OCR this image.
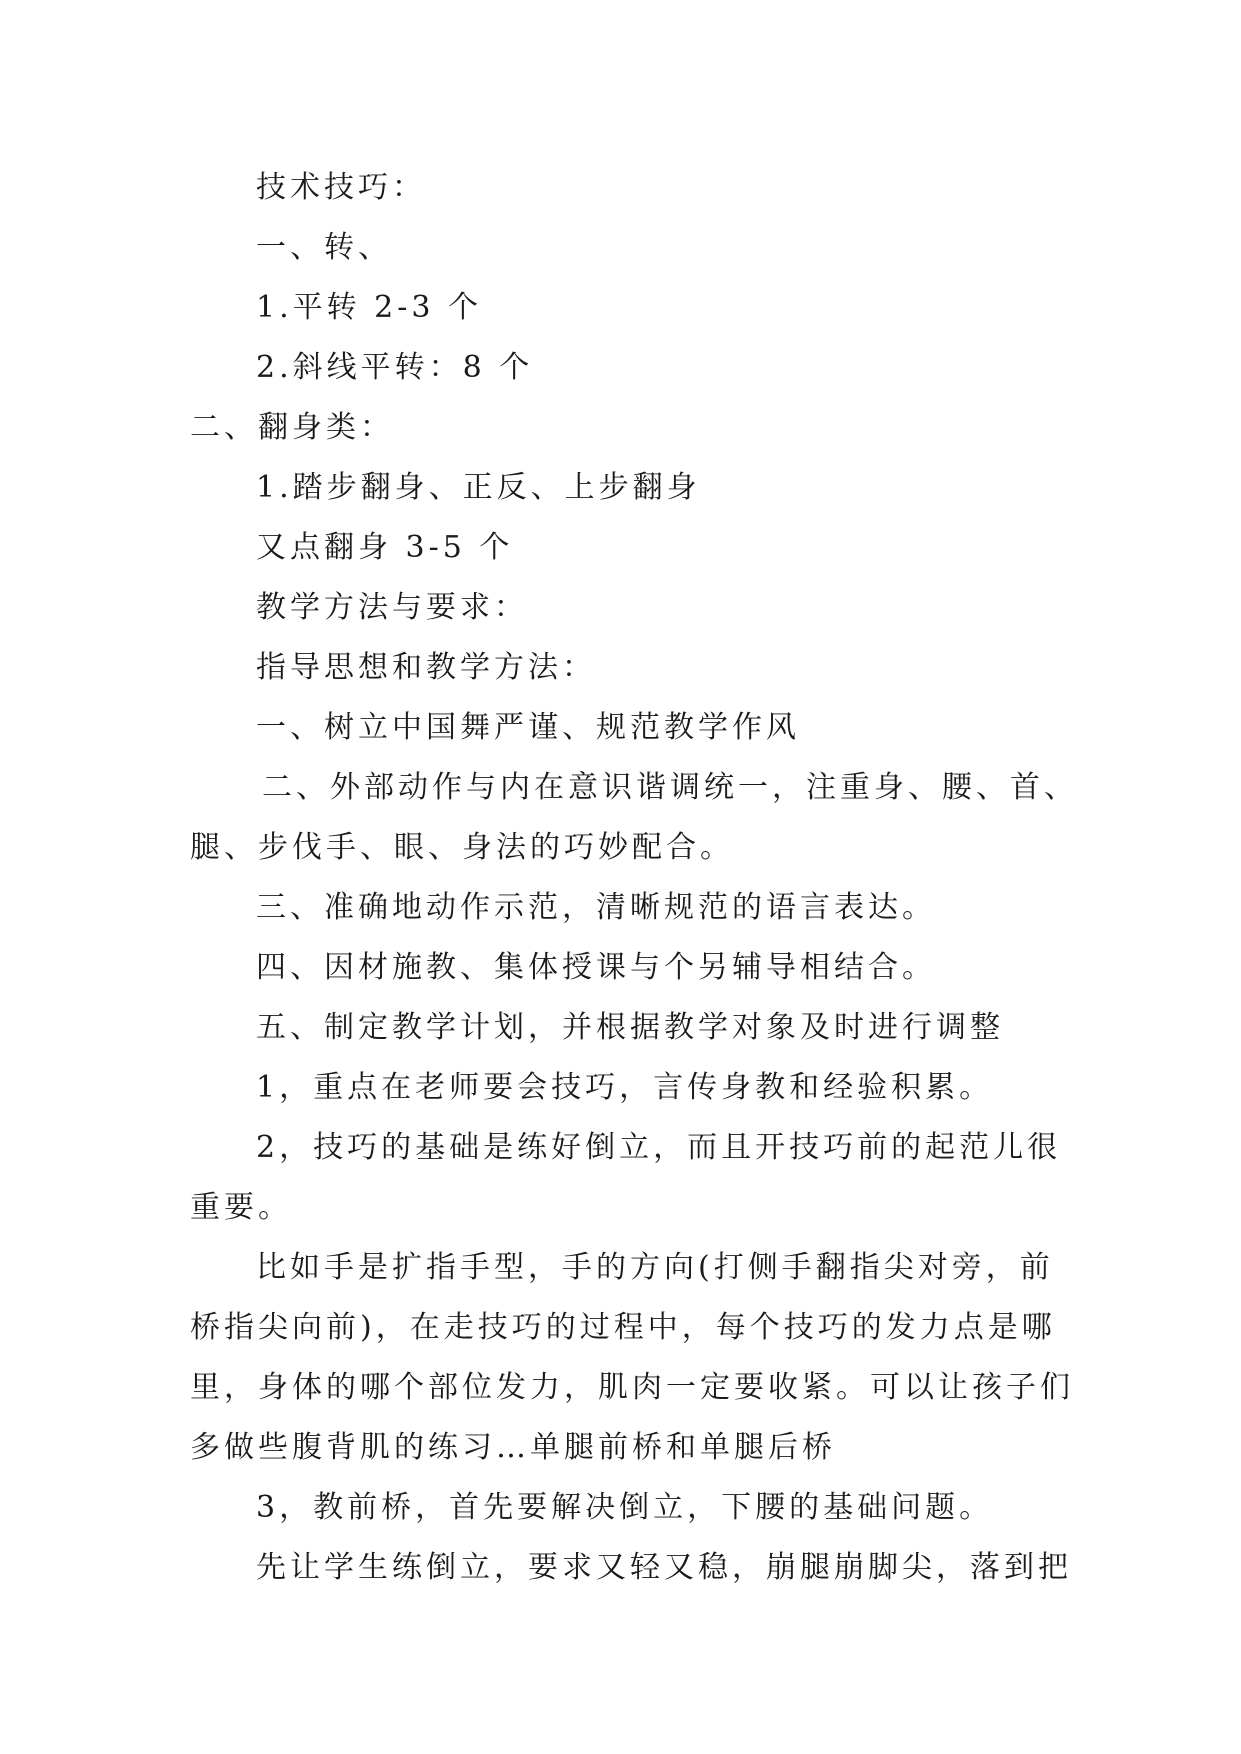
技术技巧：
一、转、
1.平转 2-3 个
2.斜线平转：8 个
二、翻身类：
1.踏步翻身、正反、上步翻身
又点翻身 3-5 个
教学方法与要求：
指导思想和教学方法：
一、树立中国舞严谨、规范教学作风
二、外部动作与内在意识谐调统一，注重身、腰、首、
腿、步伐手、眼、身法的巧妙配合。
三、准确地动作示范，清晰规范的语言表达。
四、因材施教、集体授课与个另辅导相结合。
五、制定教学计划，并根据教学对象及时进行调整
1，重点在老师要会技巧，言传身教和经验积累。
2，技巧的基础是练好倒立，而且开技巧前的起范儿很
重要。
比如手是扩指手型，手的方向(打侧手翻指尖对旁，前
桥指尖向前)，在走技巧的过程中，每个技巧的发力点是哪
里，身体的哪个部位发力，肌肉一定要收紧。可以让孩子们
多做些腹背肌的练习…单腿前桥和单腿后桥
3，教前桥，首先要解决倒立，下腰的基础问题。
先让学生练倒立，要求又轻又稳，崩腿崩脚尖，落到把
